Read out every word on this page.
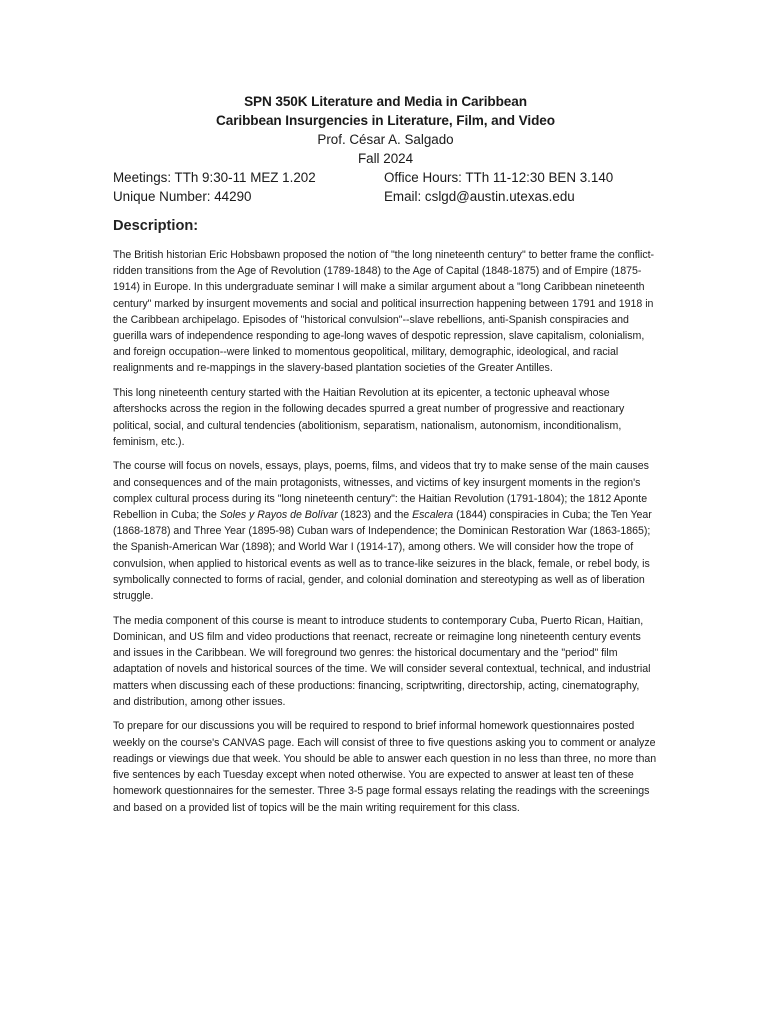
SPN 350K Literature and Media in Caribbean
Caribbean Insurgencies in Literature, Film, and Video
Prof. César A. Salgado
Fall 2024
Meetings: TTh 9:30-11 MEZ 1.202	Office Hours: TTh 11-12:30 BEN 3.140
Unique Number: 44290	Email: cslgd@austin.utexas.edu
Description:

The British historian Eric Hobsbawn proposed the notion of "the long nineteenth century" to better frame the conflict-ridden transitions from the Age of Revolution (1789-1848) to the Age of Capital (1848-1875) and of Empire (1875-1914) in Europe. In this undergraduate seminar I will make a similar argument about a "long Caribbean nineteenth century" marked by insurgent movements and social and political insurrection happening between 1791 and 1918 in the Caribbean archipelago. Episodes of "historical convulsion"--slave rebellions, anti-Spanish conspiracies and guerilla wars of independence responding to age-long waves of despotic repression, slave capitalism, colonialism, and foreign occupation--were linked to momentous geopolitical, military, demographic, ideological, and racial realignments and re-mappings in the slavery-based plantation societies of the Greater Antilles.

This long nineteenth century started with the Haitian Revolution at its epicenter, a tectonic upheaval whose aftershocks across the region in the following decades spurred a great number of progressive and reactionary political, social, and cultural tendencies (abolitionism, separatism, nationalism, autonomism, inconditionalism, feminism, etc.).

The course will focus on novels, essays, plays, poems, films, and videos that try to make sense of the main causes and consequences and of the main protagonists, witnesses, and victims of key insurgent moments in the region's complex cultural process during its "long nineteenth century": the Haitian Revolution (1791-1804); the 1812 Aponte Rebellion in Cuba; the Soles y Rayos de Bolívar (1823) and the Escalera (1844) conspiracies in Cuba; the Ten Year (1868-1878) and Three Year (1895-98) Cuban wars of Independence; the Dominican Restoration War (1863-1865); the Spanish-American War (1898); and World War I (1914-17), among others. We will consider how the trope of convulsion, when applied to historical events as well as to trance-like seizures in the black, female, or rebel body, is symbolically connected to forms of racial, gender, and colonial domination and stereotyping as well as of liberation struggle.

The media component of this course is meant to introduce students to contemporary Cuba, Puerto Rican, Haitian, Dominican, and US film and video productions that reenact, recreate or reimagine long nineteenth century events and issues in the Caribbean. We will foreground two genres: the historical documentary and the "period" film adaptation of novels and historical sources of the time. We will consider several contextual, technical, and industrial matters when discussing each of these productions: financing, scriptwriting, directorship, acting, cinematography, and distribution, among other issues.

To prepare for our discussions you will be required to respond to brief informal homework questionnaires posted weekly on the course's CANVAS page. Each will consist of three to five questions asking you to comment or analyze readings or viewings due that week. You should be able to answer each question in no less than three, no more than five sentences by each Tuesday except when noted otherwise. You are expected to answer at least ten of these homework questionnaires for the semester. Three 3-5 page formal essays relating the readings with the screenings and based on a provided list of topics will be the main writing requirement for this class.
